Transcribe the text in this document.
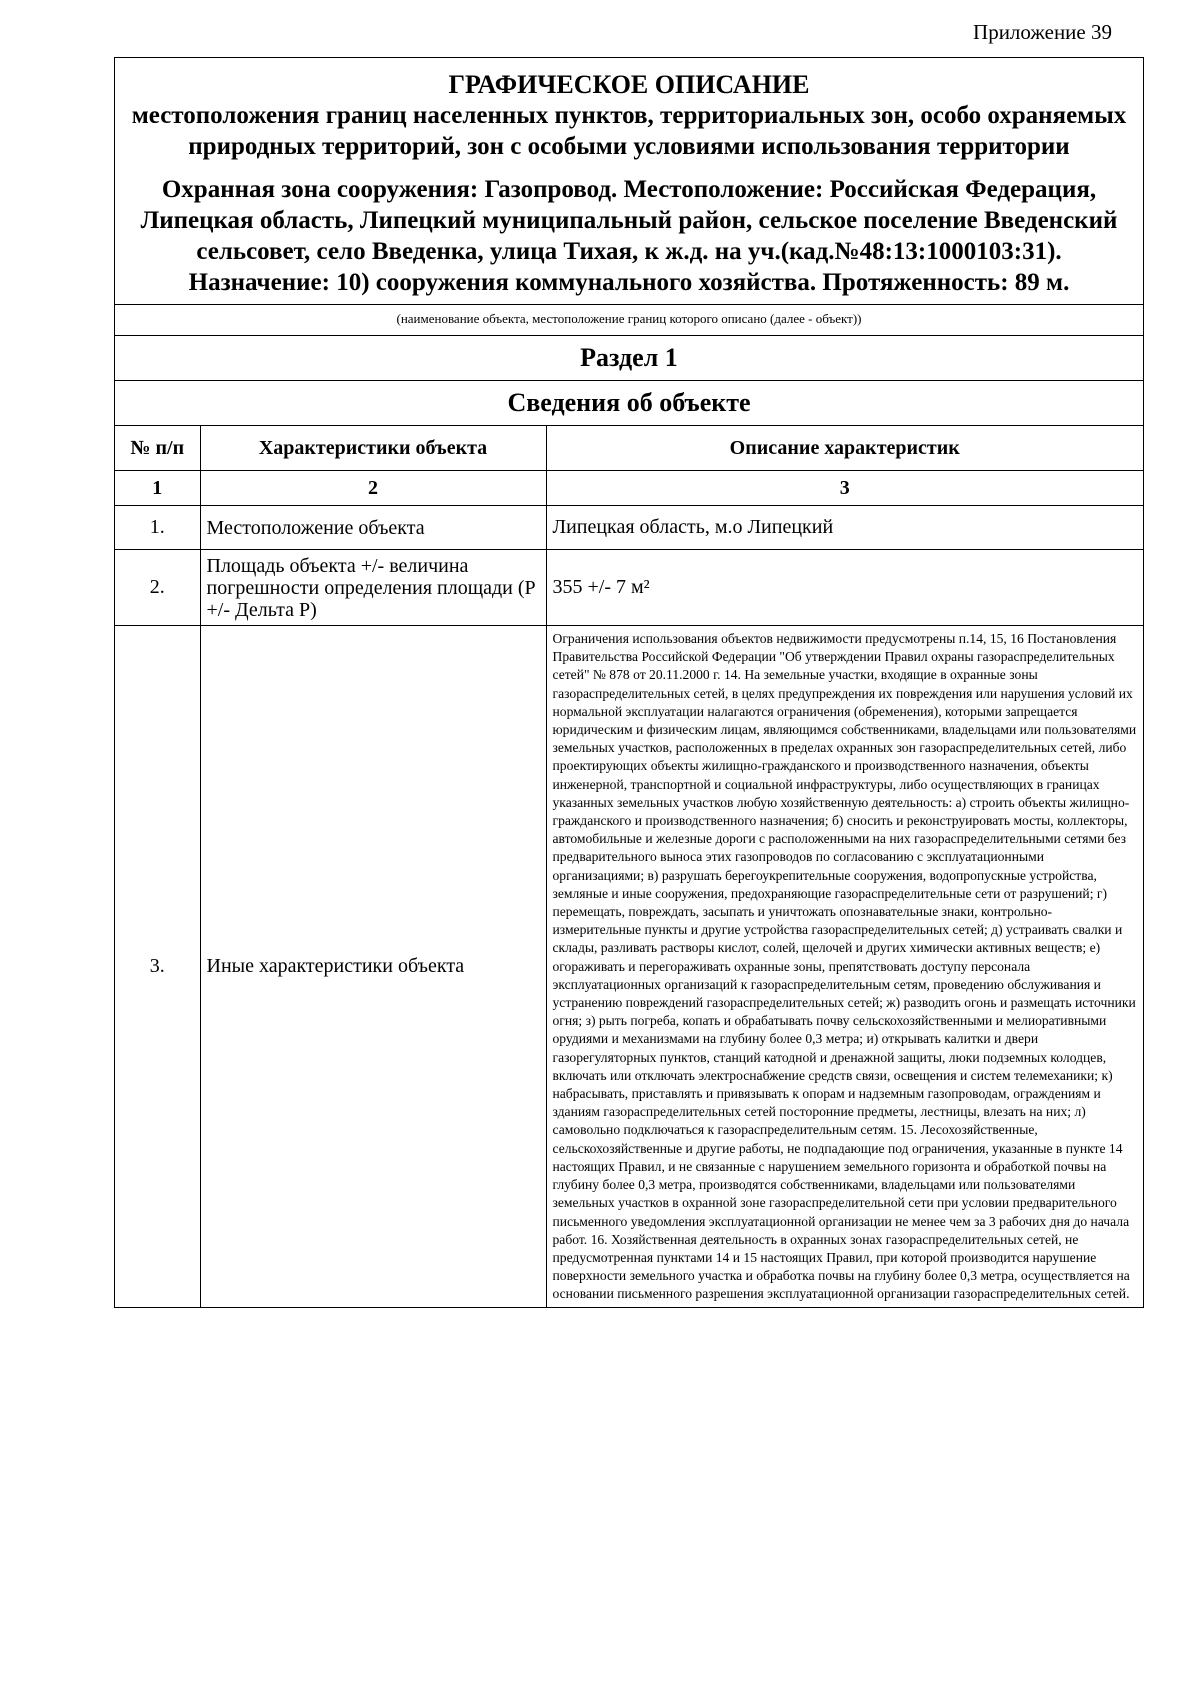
Приложение 39
ГРАФИЧЕСКОЕ ОПИСАНИЕ
местоположения границ населенных пунктов, территориальных зон, особо охраняемых природных территорий, зон с особыми условиями использования территории
Охранная зона сооружения: Газопровод. Местоположение: Российская Федерация, Липецкая область, Липецкий муниципальный район, сельское поселение Введенский сельсовет, село Введенка, улица Тихая, к ж.д. на уч.(кад.№48:13:1000103:31). Назначение: 10) сооружения коммунального хозяйства. Протяженность: 89 м.
(наименование объекта, местоположение границ которого описано (далее - объект))
Раздел 1
Сведения об объекте
№ п/п	Характеристики объекта	Описание характеристик
1	2	3
1.	Местоположение объекта	Липецкая область, м.о Липецкий
2.	Площадь объекта +/- величина погрешности определения площади (Р +/- Дельта Р)	355 +/- 7 м²
3.	Иные характеристики объекта	Ограничения использования объектов недвижимости предусмотрены п.14, 15, 16 Постановления Правительства Российской Федерации "Об утверждении Правил охраны газораспределительных сетей" № 878 от 20.11.2000 г. 14. На земельные участки, входящие в охранные зоны газораспределительных сетей, в целях предупреждения их повреждения или нарушения условий их нормальной эксплуатации налагаются ограничения (обременения), которыми запрещается юридическим и физическим лицам, являющимся собственниками, владельцами или пользователями земельных участков, расположенных в пределах охранных зон газораспределительных сетей, либо проектирующих объекты жилищно-гражданского и производственного назначения, объекты инженерной, транспортной и социальной инфраструктуры, либо осуществляющих в границах указанных земельных участков любую хозяйственную деятельность: а) строить объекты жилищно-гражданского и производственного назначения; б) сносить и реконструировать мосты, коллекторы, автомобильные и железные дороги с расположенными на них газораспределительными сетями без предварительного выноса этих газопроводов по согласованию с эксплуатационными организациями; в) разрушать берегоукрепительные сооружения, водопропускные устройства, земляные и иные сооружения, предохраняющие газораспределительные сети от разрушений; г) перемещать, повреждать, засыпать и уничтожать опознавательные знаки, контрольно-измерительные пункты и другие устройства газораспределительных сетей; д) устраивать свалки и склады, разливать растворы кислот, солей, щелочей и других химически активных веществ; е) огораживать и перегораживать охранные зоны, препятствовать доступу персонала эксплуатационных организаций к газораспределительным сетям, проведению обслуживания и устранению повреждений газораспределительных сетей; ж) разводить огонь и размещать источники огня; з) рыть погреба, копать и обрабатывать почву сельскохозяйственными и мелиоративными орудиями и механизмами на глубину более 0,3 метра; и) открывать калитки и двери газорегуляторных пунктов, станций катодной и дренажной защиты, люки подземных колодцев, включать или отключать электроснабжение средств связи, освещения и систем телемеханики; к) набрасывать, приставлять и привязывать к опорам и надземным газопроводам, ограждениям и зданиям газораспределительных сетей посторонние предметы, лестницы, влезать на них; л) самовольно подключаться к газораспределительным сетям. 15. Лесохозяйственные, сельскохозяйственные и другие работы, не подпадающие под ограничения, указанные в пункте 14 настоящих Правил, и не связанные с нарушением земельного горизонта и обработкой почвы на глубину более 0,3 метра, производятся собственниками, владельцами или пользователями земельных участков в охранной зоне газораспределительной сети при условии предварительного письменного уведомления эксплуатационной организации не менее чем за 3 рабочих дня до начала работ. 16. Хозяйственная деятельность в охранных зонах газораспределительных сетей, не предусмотренная пунктами 14 и 15 настоящих Правил, при которой производится нарушение поверхности земельного участка и обработка почвы на глубину более 0,3 метра, осуществляется на основании письменного разрешения эксплуатационной организации газораспределительных сетей.
